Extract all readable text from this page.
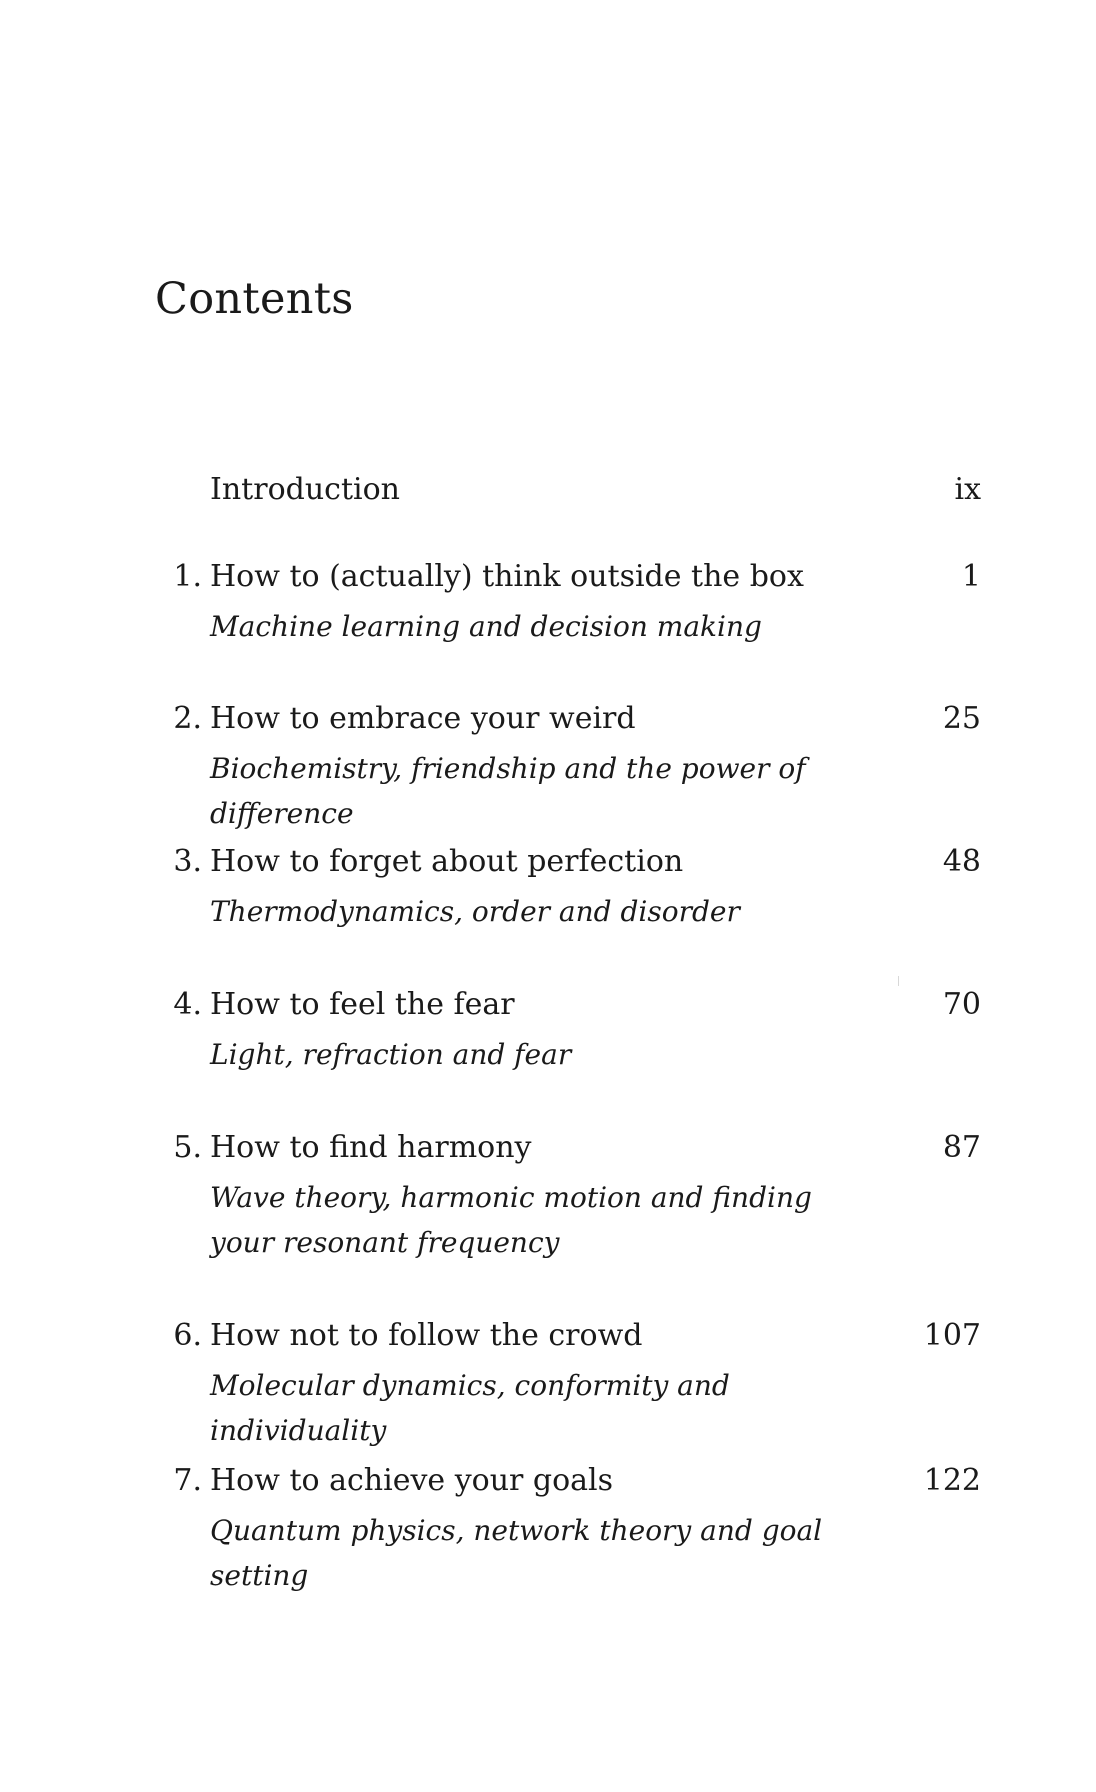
Contents
Introduction	ix
1. How to (actually) think outside the box	1
Machine learning and decision making
2. How to embrace your weird	25
Biochemistry, friendship and the power of difference
3. How to forget about perfection	48
Thermodynamics, order and disorder
4. How to feel the fear	70
Light, refraction and fear
5. How to find harmony	87
Wave theory, harmonic motion and finding your resonant frequency
6. How not to follow the crowd	107
Molecular dynamics, conformity and individuality
7. How to achieve your goals	122
Quantum physics, network theory and goal setting
